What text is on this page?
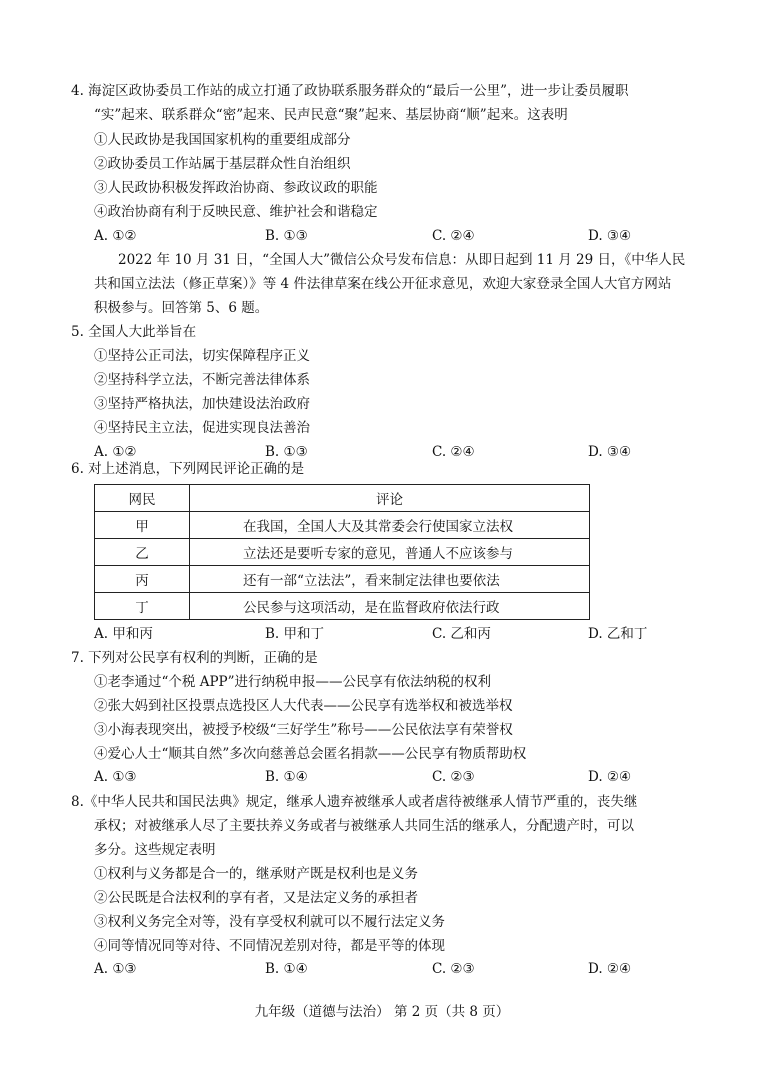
4. 海淀区政协委员工作站的成立打通了政协联系服务群众的“最后一公里”，进一步让委员履职
“实”起来、联系群众“密”起来、民声民意“聚”起来、基层协商“顺”起来。这表明
①人民政协是我国国家机构的重要组成部分
②政协委员工作站属于基层群众性自治组织
③人民政协积极发挥政治协商、参政议政的职能
④政治协商有利于反映民意、维护社会和谐稳定
A. ①②	B. ①③	C. ②④	D. ③④
2022 年 10 月 31 日，“全国人大”微信公众号发布信息：从即日起到 11 月 29 日，《中华人民
共和国立法法（修正草案）》等 4 件法律草案在线公开征求意见，欢迎大家登录全国人大官方网站
积极参与。回答第 5、6 题。
5. 全国人大此举旨在
①坚持公正司法，切实保障程序正义
②坚持科学立法，不断完善法律体系
③坚持严格执法，加快建设法治政府
④坚持民主立法，促进实现良法善治
A. ①②	B. ①③	C. ②④	D. ③④
6. 对上述消息，下列网民评论正确的是
网民	评论
甲	在我国，全国人大及其常委会行使国家立法权
乙	立法还是要听专家的意见，普通人不应该参与
丙	还有一部“立法法”，看来制定法律也要依法
丁	公民参与这项活动，是在监督政府依法行政
A. 甲和丙	B. 甲和丁	C. 乙和丙	D. 乙和丁
7. 下列对公民享有权利的判断，正确的是
①老李通过“个税 APP”进行纳税申报——公民享有依法纳税的权利
②张大妈到社区投票点选投区人大代表——公民享有选举权和被选举权
③小海表现突出，被授予校级“三好学生”称号——公民依法享有荣誉权
④爱心人士“顺其自然”多次向慈善总会匿名捐款——公民享有物质帮助权
A. ①③	B. ①④	C. ②③	D. ②④
8.《中华人民共和国民法典》规定，继承人遗弃被继承人或者虐待被继承人情节严重的，丧失继
承权；对被继承人尽了主要扶养义务或者与被继承人共同生活的继承人，分配遗产时，可以
多分。这些规定表明
①权利与义务都是合一的，继承财产既是权利也是义务
②公民既是合法权利的享有者，又是法定义务的承担者
③权利义务完全对等，没有享受权利就可以不履行法定义务
④同等情况同等对待、不同情况差别对待，都是平等的体现
A. ①③	B. ①④	C. ②③	D. ②④
九年级（道德与法治） 第 2 页（共 8 页）
